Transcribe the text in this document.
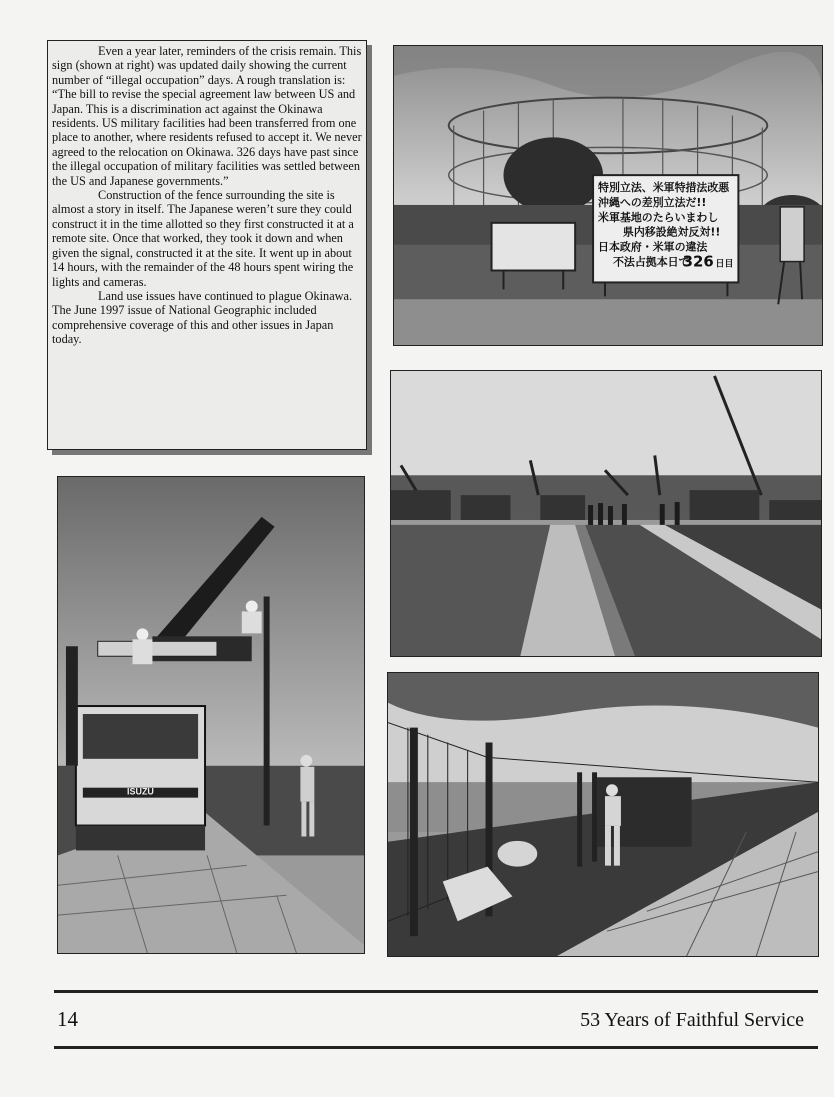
Even a year later, reminders of the crisis remain. This sign (shown at right) was updated daily showing the current number of “illegal occupation” days. A rough translation is: “The bill to revise the special agreement law between US and Japan. This is a discrimination act against the Okinawa residents. US military facilities had been transferred from one place to another, where residents refused to accept it. We never agreed to the relocation on Okinawa. 326 days have past since the illegal occupation of military facilities was settled between the US and Japanese governments.”

Construction of the fence surrounding the site is almost a story in itself. The Japanese weren’t sure they could construct it in the time allotted so they first constructed it at a remote site. Once that worked, they took it down and when given the signal, constructed it at the site. It went up in about 14 hours, with the remainder of the 48 hours spent wiring the lights and cameras.

Land use issues have continued to plague Okinawa. The June 1997 issue of National Geographic included comprehensive coverage of this and other issues in Japan today.

特別立法、米軍特措法改悪
沖縄への差別立法だ!!
米軍基地のたらいまわし
県内移設絶対反対!!
日本政府・米軍の違法
不法占拠本日で
326 日目
ISUZU
14	53 Years of Faithful Service
